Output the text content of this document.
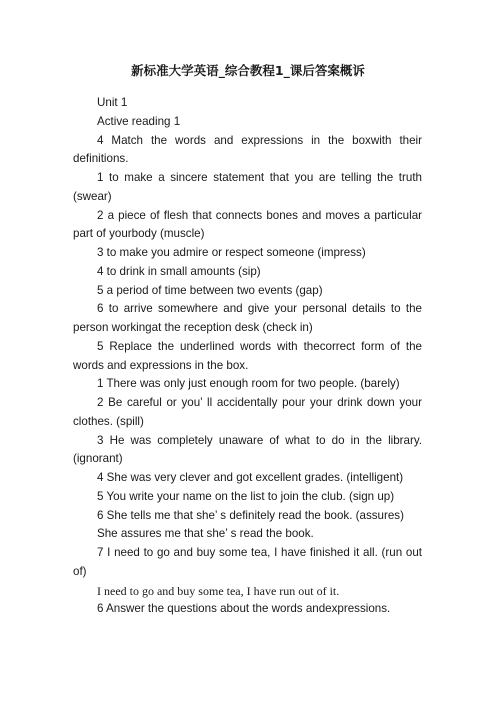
新标准大学英语_综合教程1_课后答案概诉

Unit 1

Active reading 1

4 Match the words and expressions in the boxwith their definitions.

1 to make a sincere statement that you are telling the truth (swear)

2 a piece of flesh that connects bones and moves a particular part of yourbody (muscle)

3 to make you admire or respect someone (impress)

4 to drink in small amounts (sip)

5 a period of time between two events (gap)

6 to arrive somewhere and give your personal details to the person workingat the reception desk (check in)

5 Replace the underlined words with thecorrect form of the words and expressions in the box.

1 There was only just enough room for two people. (barely)

2 Be careful or you’ ll accidentally pour your drink down your clothes. (spill)

3 He was completely unaware of what to do in the library. (ignorant)

4 She was very clever and got excellent grades. (intelligent)

5 You write your name on the list to join the club. (sign up)

6 She tells me that she’ s definitely read the book. (assures)

She assures me that she’ s read the book.

7 I need to go and buy some tea, I have finished it all. (run out of)

I need to go and buy some tea, I have run out of it.

6 Answer the questions about the words andexpressions.
